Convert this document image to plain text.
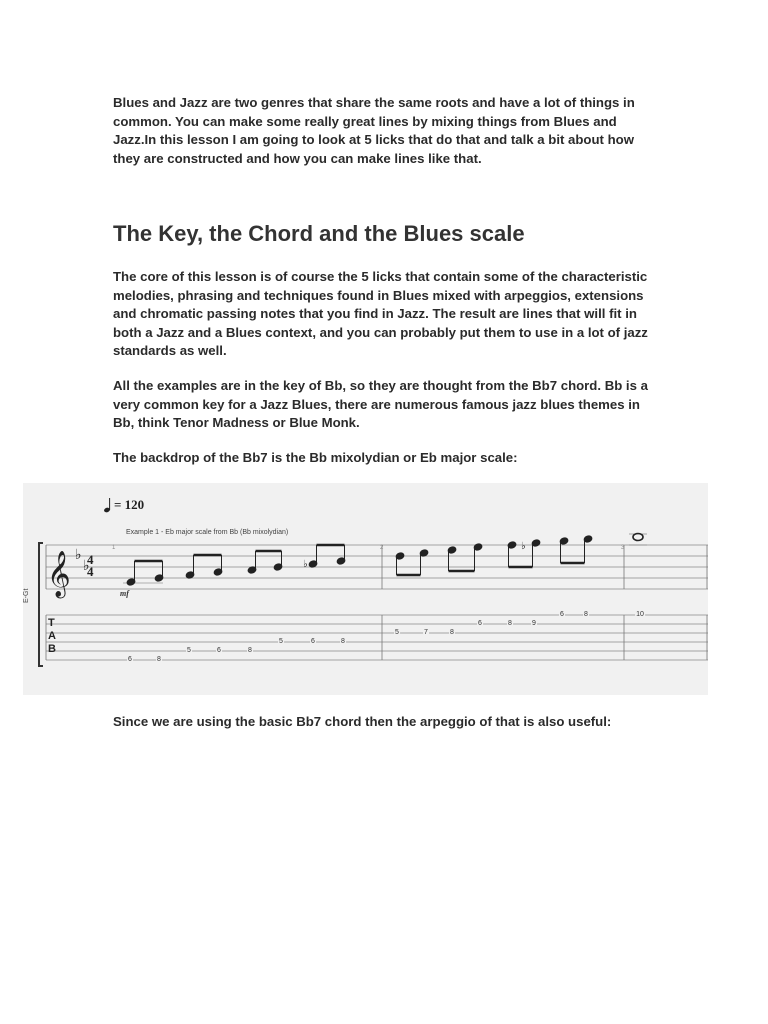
Blues and Jazz are two genres that share the same roots and have a lot of things in common. You can make some really great lines by mixing things from Blues and Jazz.In this lesson I am going to look at 5 licks that do that and talk a bit about how they are constructed and how you can make lines like that.

The Key, the Chord and the Blues scale

The core of this lesson is of course the 5 licks that contain some of the characteristic melodies, phrasing and techniques found in Blues mixed with arpeggios, extensions and chromatic passing notes that you find in Jazz. The result are lines that will fit in both a Jazz and a Blues context, and you can probably put them to use in a lot of jazz standards as well.

All the examples are in the key of Bb, so they are thought from the Bb7 chord. Bb is a very common key for a Jazz Blues, there are numerous famous jazz blues themes in Bb, think Tenor Madness or Blue Monk.

The backdrop of the Bb7 is the Bb mixolydian or Eb major scale:

𝄞 ♭
♭
4
4	♭
♭
= 120
Example 1 - Eb major scale from Bb (Bb mixolydian)
E-Gt	mf
1	2	3
T
A
B
6	8
5	6	8
5	6	8
5	7	8
6	8	9
6	8	10

Since we are using the basic Bb7 chord then the arpeggio of that is also useful:
